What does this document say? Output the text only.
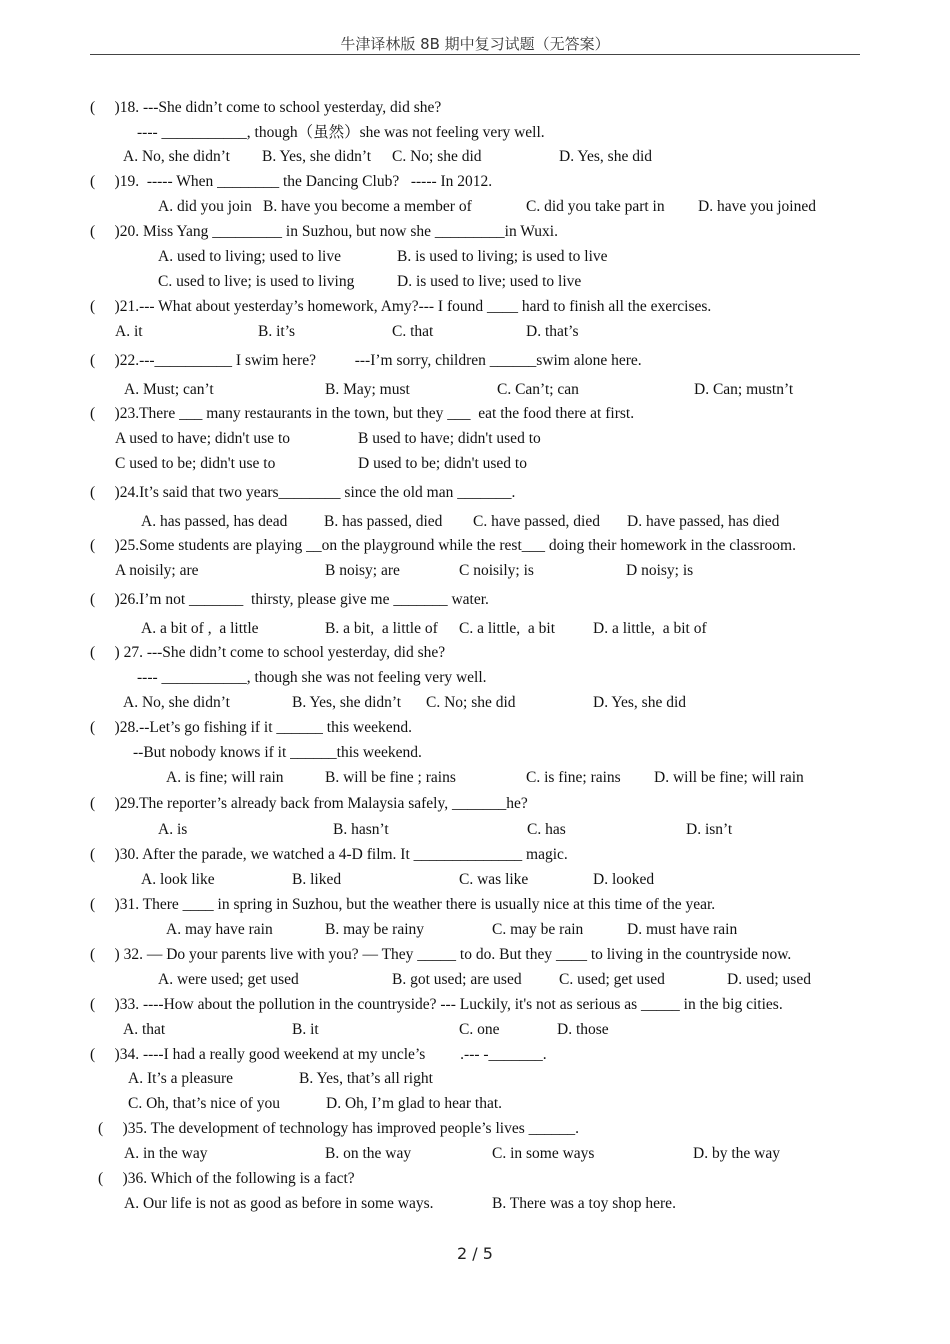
牛津译林版 8B 期中复习试题（无答案）
(     )18. ---She didn’t come to school yesterday, did she?
---- ___________, though（虽然）she was not feeling very well.
A. No, she didn’t B. Yes, she didn’t C. No; she did	D. Yes, she did
(     )19.  ----- When ________ the Dancing Club?   ----- In 2012.
A. did you join B. have you become a member of	C. did you take part in D. have you joined
(     )20. Miss Yang _________ in Suzhou, but now she _________in Wuxi.
A. used to living; used to live	B. is used to living; is used to live
C. used to live; is used to living	D. is used to live; used to live
(     )21.--- What about yesterday’s homework, Amy?--- I found ____ hard to finish all the exercises.
A. it	B. it’s	C. that	D. that’s
(     )22.---__________ I swim here?          ---I’m sorry, children ______swim alone here.
A. Must; can’t	B. May; must	C. Can’t; can	D. Can; mustn’t
(     )23.There ___ many restaurants in the town, but they ___  eat the food there at first.
A used to have; didn't use to	B used to have; didn't used to
C used to be; didn't use to	D used to be; didn't used to
(     )24.It’s said that two years________ since the old man _______.
A. has passed, has dead B. has passed, died C. have passed, died D. have passed, has died
(     )25.Some students are playing __on the playground while the rest___ doing their homework in the classroom.
A noisily; are	B noisy; are	C noisily; is	D noisy; is
(     )26.I’m not _______  thirsty, please give me _______ water.
A. a bit of ,  a little	B. a bit,  a little of C. a little,  a bit D. a little,  a bit of
(     ) 27. ---She didn’t come to school yesterday, did she?
---- ___________, though she was not feeling very well.
A. No, she didn’t	B. Yes, she didn’t C. No; she did	D. Yes, she did
(     )28.--Let’s go fishing if it ______ this weekend.
--But nobody knows if it ______this weekend.
A. is fine; will rain	B. will be fine ; rains	C. is fine; rains D. will be fine; will rain
(     )29.The reporter’s already back from Malaysia safely, _______he?
A. is	B. hasn’t	C. has	D. isn’t
(     )30. After the parade, we watched a 4-D film. It ______________ magic.
A. look like	B. liked	C. was like	D. looked
(     )31. There ____ in spring in Suzhou, but the weather there is usually nice at this time of the year.
A. may have rain	B. may be rainy	C. may be rain	D. must have rain
(     ) 32. — Do your parents live with you? — They _____ to do. But they ____ to living in the countryside now.
A. were used; get used	B. got used; are used C. used; get used	D. used; used
(     )33. ----How about the pollution in the countryside? --- Luckily, it's not as serious as _____ in the big cities.
A. that	B. it	C. one	D. those
(     )34. ----I had a really good weekend at my uncle’s         .--- -_______.
A. It’s a pleasure	B. Yes, that’s all right
C. Oh, that’s nice of you	D. Oh, I’m glad to hear that.
(     )35. The development of technology has improved people’s lives ______.
A. in the way	B. on the way	C. in some ways	D. by the way
(     )36. Which of the following is a fact?
A. Our life is not as good as before in some ways.	B. There was a toy shop here.
2 / 5
